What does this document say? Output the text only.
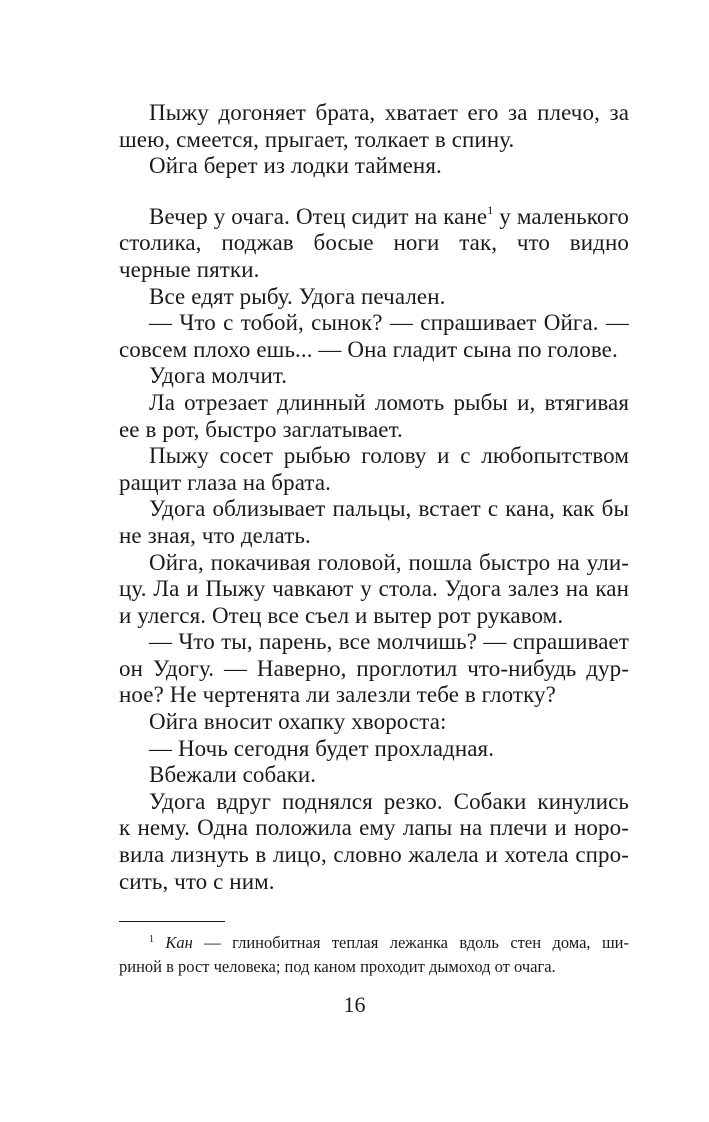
Пыжу догоняет брата, хватает его за плечо, за
шею, смеется, прыгает, толкает в спину.
Ойга берет из лодки тайменя.
Вечер у очага. Отец сидит на кане$^1$ у маленького
столика, поджав босые ноги так, что видно
черные пятки.
Все едят рыбу. Удога печален.
— Что с тобой, сынок? — спрашивает Ойга. —
совсем плохо ешь... — Она гладит сына по голове.
Удога молчит.
Ла отрезает длинный ломоть рыбы и, втягивая
ее в рот, быстро заглатывает.
Пыжу сосет рыбью голову и с любопытством
ращит глаза на брата.
Удога облизывает пальцы, встает с кана, как бы
не зная, что делать.
Ойга, покачивая головой, пошла быстро на ули-
цу. Ла и Пыжу чавкают у стола. Удога залез на кан
и улегся. Отец все съел и вытер рот рукавом.
— Что ты, парень, все молчишь? — спрашивает
он Удогу. — Наверно, проглотил что-нибудь дур-
ное? Не чертенята ли залезли тебе в глотку?
Ойга вносит охапку хвороста:
— Ночь сегодня будет прохладная.
Вбежали собаки.
Удога вдруг поднялся резко. Собаки кинулись
к нему. Одна положила ему лапы на плечи и норо-
вила лизнуть в лицо, словно жалела и хотела спро-
сить, что с ним.
$^1$ Кан — глинобитная теплая лежанка вдоль стен дома, ши-
риной в рост человека; под каном проходит дымоход от очага.
16
